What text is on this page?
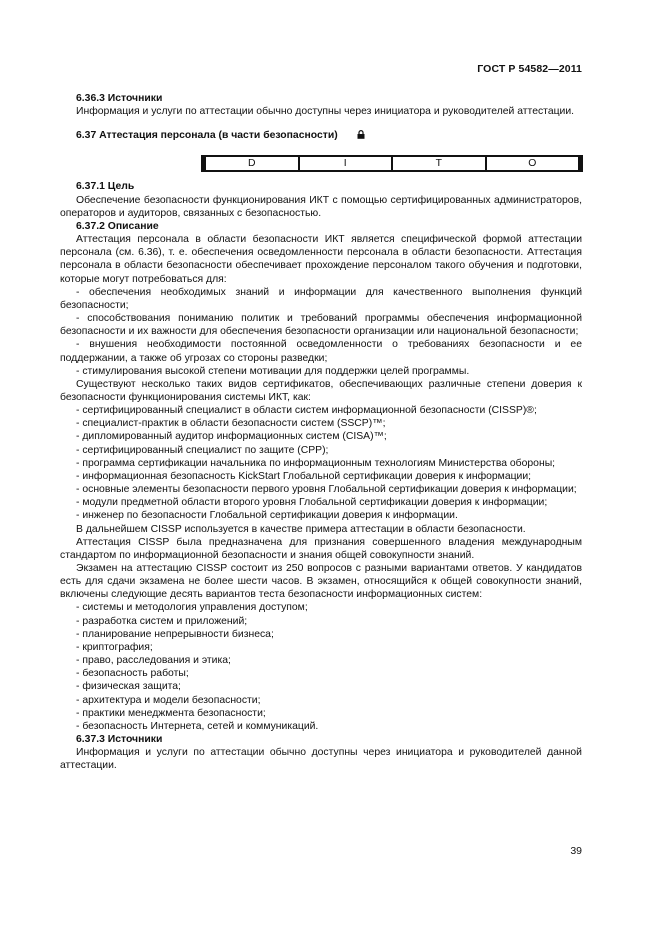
ГОСТ Р 54582—2011

6.36.3 Источники

Информация и услуги по аттестации обычно доступны через инициатора и руководителей аттестации.

6.37 Аттестация персонала (в части безопасности)

D	I	T	O

6.37.1 Цель

Обеспечение безопасности функционирования ИКТ с помощью сертифицированных администраторов, операторов и аудиторов, связанных с безопасностью.

6.37.2 Описание

Аттестация персонала в области безопасности ИКТ является специфической формой аттестации персонала (см. 6.36), т. е. обеспечения осведомленности персонала в области безопасности. Аттестация персонала в области безопасности обеспечивает прохождение персоналом такого обучения и подготовки, которые могут потребоваться для:

- обеспечения необходимых знаний и информации для качественного выполнения функций безопасности;

- способствования пониманию политик и требований программы обеспечения информационной безопасности и их важности для обеспечения безопасности организации или национальной безопасности;

- внушения необходимости постоянной осведомленности о требованиях безопасности и ее поддержании, а также об угрозах со стороны разведки;

- стимулирования высокой степени мотивации для поддержки целей программы.

Существуют несколько таких видов сертификатов, обеспечивающих различные степени доверия к безопасности функционирования системы ИКТ, как:

- сертифицированный специалист в области систем информационной безопасности (CISSP)®;

- специалист-практик в области безопасности систем (SSCP)™;

- дипломированный аудитор информационных систем (CISA)™;

- сертифицированный специалист по защите (CPP);

- программа сертификации начальника по информационным технологиям Министерства обороны;

- информационная безопасность KickStart Глобальной сертификации доверия к информации;

- основные элементы безопасности первого уровня Глобальной сертификации доверия к информации;

- модули предметной области второго уровня Глобальной сертификации доверия к информации;

- инженер по безопасности Глобальной сертификации доверия к информации.

В дальнейшем CISSP используется в качестве примера аттестации в области безопасности.

Аттестация CISSP была предназначена для признания совершенного владения международным стандартом по информационной безопасности и знания общей совокупности знаний.

Экзамен на аттестацию CISSP состоит из 250 вопросов с разными вариантами ответов. У кандидатов есть для сдачи экзамена не более шести часов. В экзамен, относящийся к общей совокупности знаний, включены следующие десять вариантов теста безопасности информационных систем:

- системы и методология управления доступом;

- разработка систем и приложений;

- планирование непрерывности бизнеса;

- криптография;

- право, расследования и этика;

- безопасность работы;

- физическая защита;

- архитектура и модели безопасности;

- практики менеджмента безопасности;

- безопасность Интернета, сетей и коммуникаций.

6.37.3 Источники

Информация и услуги по аттестации обычно доступны через инициатора и руководителей данной аттестации.

39
